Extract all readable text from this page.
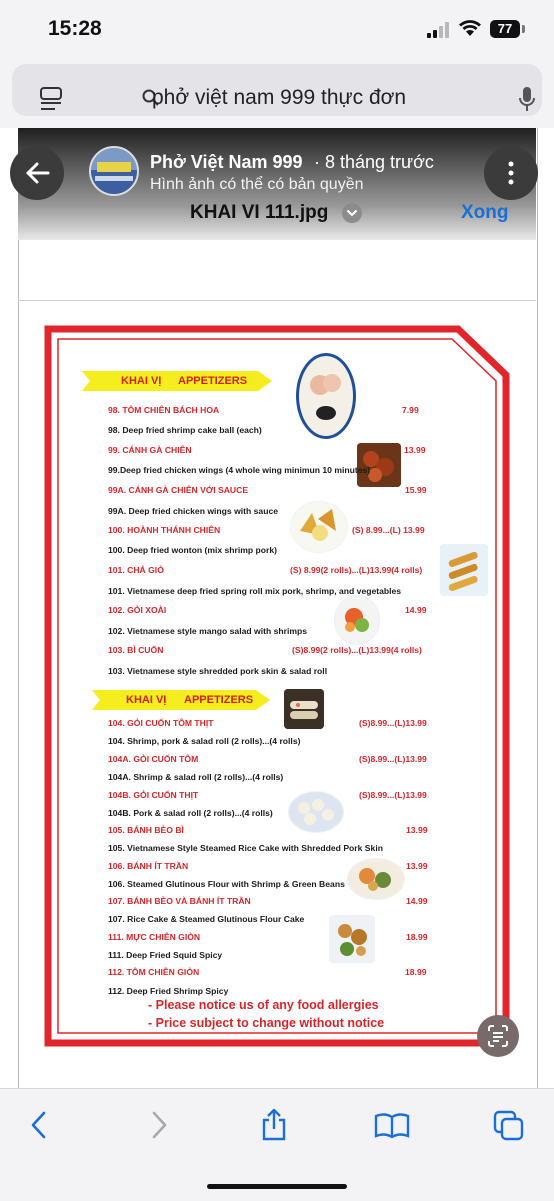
15:28	77
phở việt nam 999 thực đơn
Phở Việt Nam 999 · 8 tháng trước
Hình ảnh có thể có bản quyền
KHAI VI 111.jpg	Xong
KHAI VỊ APPETIZERS
KHAI VỊ APPETIZERS
98. TÔM CHIÊN BÁCH HOA	7.99
98. Deep fried shrimp cake ball (each)
99. CÁNH GÀ CHIÊN	13.99
99.Deep fried chicken wings (4 whole wing minimun 10 minutes)
99A. CÁNH GÀ CHIÊN VỚI SAUCE	15.99
99A. Deep fried chicken wings with sauce
100. HOÀNH THÁNH CHIÊN	(S) 8.99...(L) 13.99
100. Deep fried wonton (mix shrimp pork)
101. CHẢ GIÒ	(S) 8.99(2 rolls)...(L)13.99(4 rolls)
101. Vietnamese deep fried spring roll mix pork, shrimp, and vegetables
102. GỎI XOÀI	14.99
102. Vietnamese style mango salad with shrimps
103. BÌ CUỐN	(S)8.99(2 rolls)...(L)13.99(4 rolls)
103. Vietnamese style shredded pork skin & salad roll
104. GỎI CUỐN TÔM THỊT	(S)8.99...(L)13.99
104. Shrimp, pork & salad roll (2 rolls)...(4 rolls)
104A. GỎI CUỐN TÔM	(S)8.99...(L)13.99
104A. Shrimp & salad roll (2 rolls)...(4 rolls)
104B. GỎI CUỐN THỊT	(S)8.99...(L)13.99
104B. Pork & salad roll (2 rolls)...(4 rolls)
105. BÁNH BÈO BÌ	13.99
105. Vietnamese Style Steamed Rice Cake with Shredded Pork Skin
106. BÁNH ÍT TRẦN	13.99
106. Steamed Glutinous Flour with Shrimp & Green Beans
107. BÁNH BÈO VÀ BÁNH ÍT TRẦN	14.99
107. Rice Cake & Steamed Glutinous Flour Cake
111. MỰC CHIÊN GIÒN	18.99
111. Deep Fried Squid Spicy
112. TÔM CHIÊN GIÒN	18.99
112. Deep Fried Shrimp Spicy
- Please notice us of any food allergies
- Price subject to change without notice
